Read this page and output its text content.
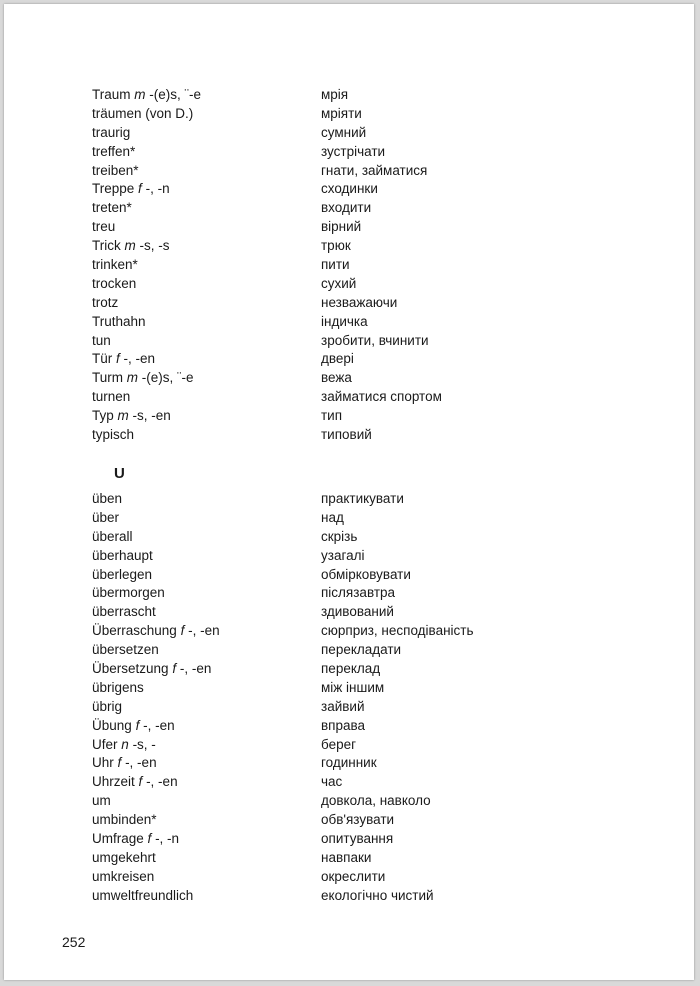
Traum m -(e)s, ¨-e	мрія
träumen (von D.)	мріяти
traurig	сумний
treffen*	зустрічати
treiben*	гнати, займатися
Treppe f -, -n	сходинки
treten*	входити
treu	вірний
Trick m -s, -s	трюк
trinken*	пити
trocken	сухий
trotz	незважаючи
Truthahn	індичка
tun	зробити, вчинити
Tür f -, -en	двері
Turm m -(e)s, ¨-e	вежа
turnen	займатися спортом
Typ m -s, -en	тип
typisch	типовий
U
üben	практикувати
über	над
überall	скрізь
überhaupt	узагалі
überlegen	обмірковувати
übermorgen	післязавтра
überrascht	здивований
Überraschung f -, -en	сюрприз, несподіваність
übersetzen	перекладати
Übersetzung f -, -en	переклад
übrigens	між іншим
übrig	зайвий
Übung f -, -en	вправа
Ufer n -s, -	берег
Uhr f -, -en	годинник
Uhrzeit f -, -en	час
um	довкола, навколо
umbinden*	обв'язувати
Umfrage f -, -n	опитування
umgekehrt	навпаки
umkreisen	окреслити
umweltfreundlich	екологічно чистий
252
